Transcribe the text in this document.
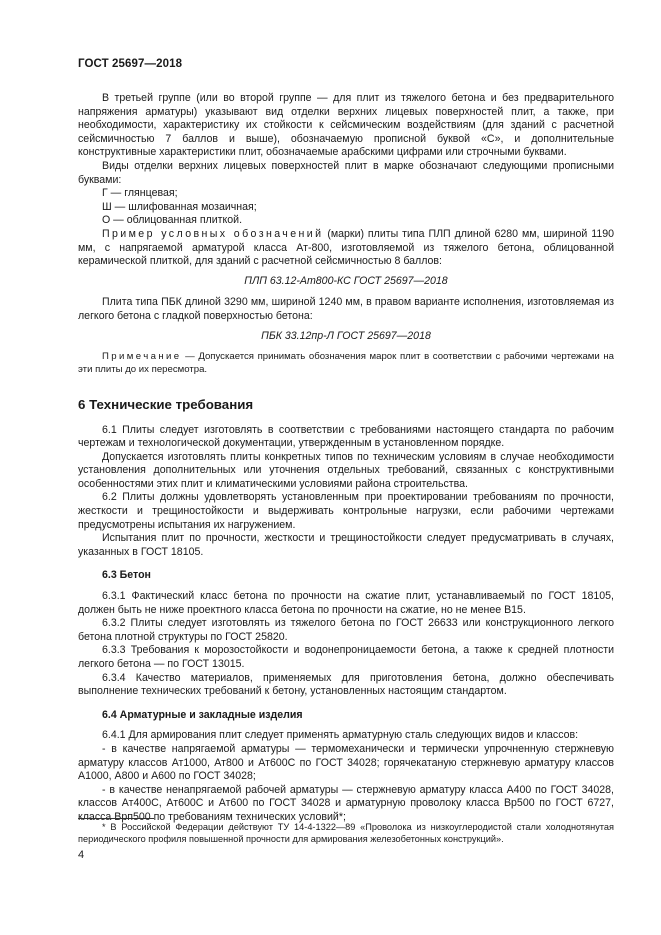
ГОСТ 25697—2018

В третьей группе (или во второй группе — для плит из тяжелого бетона и без предварительного напряжения арматуры) указывают вид отделки верхних лицевых поверхностей плит, а также, при необходимости, характеристику их стойкости к сейсмическим воздействиям (для зданий с расчетной сейсмичностью 7 баллов и выше), обозначаемую прописной буквой «С», и дополнительные конструктивные характеристики плит, обозначаемые арабскими цифрами или строчными буквами.

Виды отделки верхних лицевых поверхностей плит в марке обозначают следующими прописными буквами:

Г — глянцевая;

Ш — шлифованная мозаичная;

О — облицованная плиткой.

Пример условных обозначений (марки) плиты типа ПЛП длиной 6280 мм, шириной 1190 мм, с напрягаемой арматурой класса Ат-800, изготовляемой из тяжелого бетона, облицованной керамической плиткой, для зданий с расчетной сейсмичностью 8 баллов:

ПЛП 63.12-Ат800-КС ГОСТ 25697—2018

Плита типа ПБК длиной 3290 мм, шириной 1240 мм, в правом варианте исполнения, изготовляемая из легкого бетона с гладкой поверхностью бетона:

ПБК 33.12пр-Л ГОСТ 25697—2018

Примечание — Допускается принимать обозначения марок плит в соответствии с рабочими чертежами на эти плиты до их пересмотра.

6 Технические требования

6.1 Плиты следует изготовлять в соответствии с требованиями настоящего стандарта по рабочим чертежам и технологической документации, утвержденным в установленном порядке.

Допускается изготовлять плиты конкретных типов по техническим условиям в случае необходимости установления дополнительных или уточнения отдельных требований, связанных с конструктивными особенностями этих плит и климатическими условиями района строительства.

6.2 Плиты должны удовлетворять установленным при проектировании требованиям по прочности, жесткости и трещиностойкости и выдерживать контрольные нагрузки, если рабочими чертежами предусмотрены испытания их нагружением.

Испытания плит по прочности, жесткости и трещиностойкости следует предусматривать в случаях, указанных в ГОСТ 18105.

6.3 Бетон

6.3.1 Фактический класс бетона по прочности на сжатие плит, устанавливаемый по ГОСТ 18105, должен быть не ниже проектного класса бетона по прочности на сжатие, но не менее В15.

6.3.2 Плиты следует изготовлять из тяжелого бетона по ГОСТ 26633 или конструкционного легкого бетона плотной структуры по ГОСТ 25820.

6.3.3 Требования к морозостойкости и водонепроницаемости бетона, а также к средней плотности легкого бетона — по ГОСТ 13015.

6.3.4 Качество материалов, применяемых для приготовления бетона, должно обеспечивать выполнение технических требований к бетону, установленных настоящим стандартом.

6.4 Арматурные и закладные изделия

6.4.1 Для армирования плит следует применять арматурную сталь следующих видов и классов:

- в качестве напрягаемой арматуры — термомеханически и термически упрочненную стержневую арматуру классов Ат1000, Ат800 и Ат600С по ГОСТ 34028; горячекатаную стержневую арматуру классов А1000, А800 и А600 по ГОСТ 34028;

- в качестве ненапрягаемой рабочей арматуры — стержневую арматуру класса А400 по ГОСТ 34028, классов Ат400С, Ат600С и Ат600 по ГОСТ 34028 и арматурную проволоку класса Вр500 по ГОСТ 6727, класса Врп500 по требованиям технических условий*;

* В Российской Федерации действуют ТУ 14-4-1322—89 «Проволока из низкоуглеродистой стали холоднотянутая периодического профиля повышенной прочности для армирования железобетонных конструкций».
4
